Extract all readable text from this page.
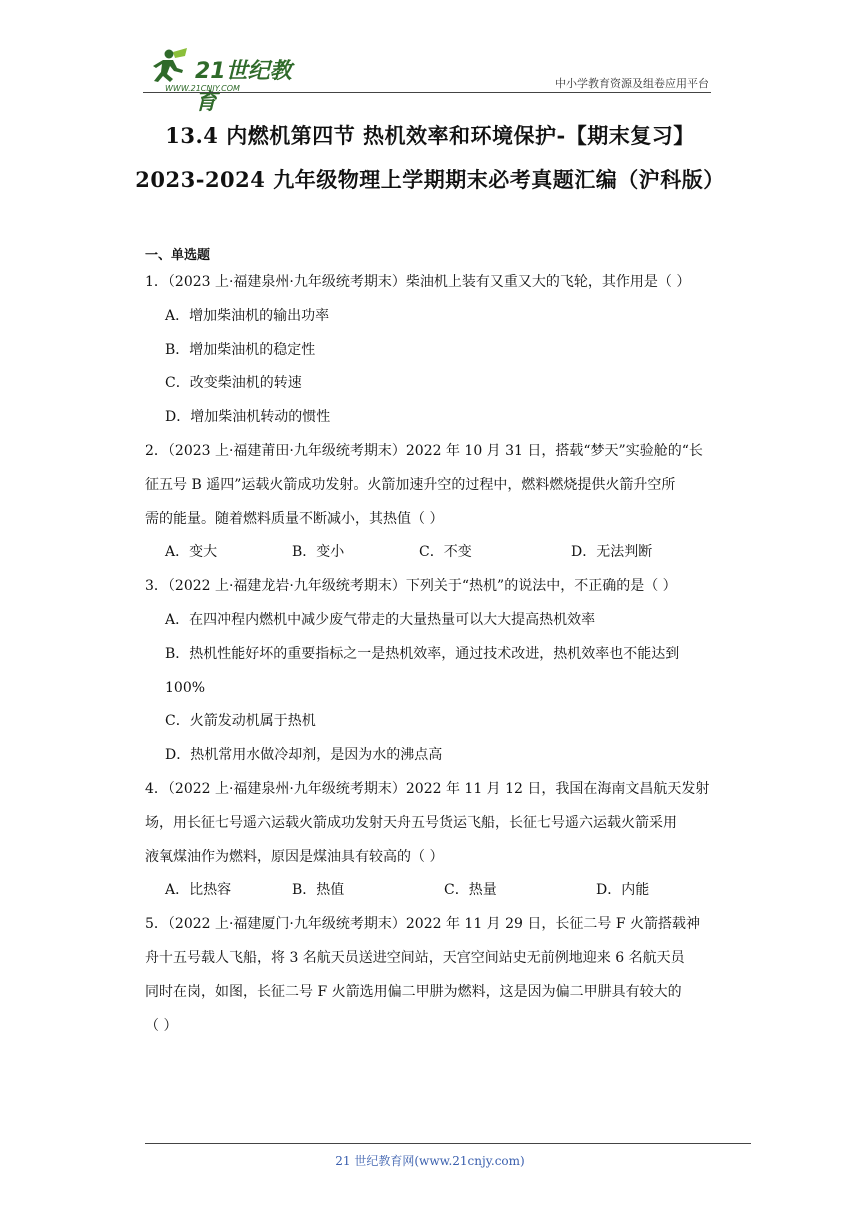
21世纪教育
WWW.21CNJY.COM	中小学教育资源及组卷应用平台
13.4 内燃机第四节 热机效率和环境保护-【期末复习】
2023-2024 九年级物理上学期期末必考真题汇编（沪科版）
一、单选题
1．（2023 上·福建泉州·九年级统考期末）柴油机上装有又重又大的飞轮，其作用是（ ）
A．增加柴油机的输出功率
B．增加柴油机的稳定性
C．改变柴油机的转速
D．增加柴油机转动的惯性
2．（2023 上·福建莆田·九年级统考期末）2022 年 10 月 31 日，搭载“梦天”实验舱的“长
征五号 B 遥四”运载火箭成功发射。火箭加速升空的过程中，燃料燃烧提供火箭升空所
需的能量。随着燃料质量不断减小，其热值（ ）
A．变大	B．变小	C．不变	D．无法判断
3．（2022 上·福建龙岩·九年级统考期末）下列关于“热机”的说法中，不正确的是（ ）
A．在四冲程内燃机中减少废气带走的大量热量可以大大提高热机效率
B．热机性能好坏的重要指标之一是热机效率，通过技术改进，热机效率也不能达到
100%
C．火箭发动机属于热机
D．热机常用水做冷却剂，是因为水的沸点高
4．（2022 上·福建泉州·九年级统考期末）2022 年 11 月 12 日，我国在海南文昌航天发射
场，用长征七号遥六运载火箭成功发射天舟五号货运飞船，长征七号遥六运载火箭采用
液氧煤油作为燃料，原因是煤油具有较高的（ ）
A．比热容	B．热值	C．热量	D．内能
5．（2022 上·福建厦门·九年级统考期末）2022 年 11 月 29 日，长征二号 F 火箭搭载神
舟十五号载人飞船，将 3 名航天员送进空间站，天宫空间站史无前例地迎来 6 名航天员
同时在岗，如图，长征二号 F 火箭选用偏二甲肼为燃料，这是因为偏二甲肼具有较大的
（ ）
21 世纪教育网(www.21cnjy.com)
